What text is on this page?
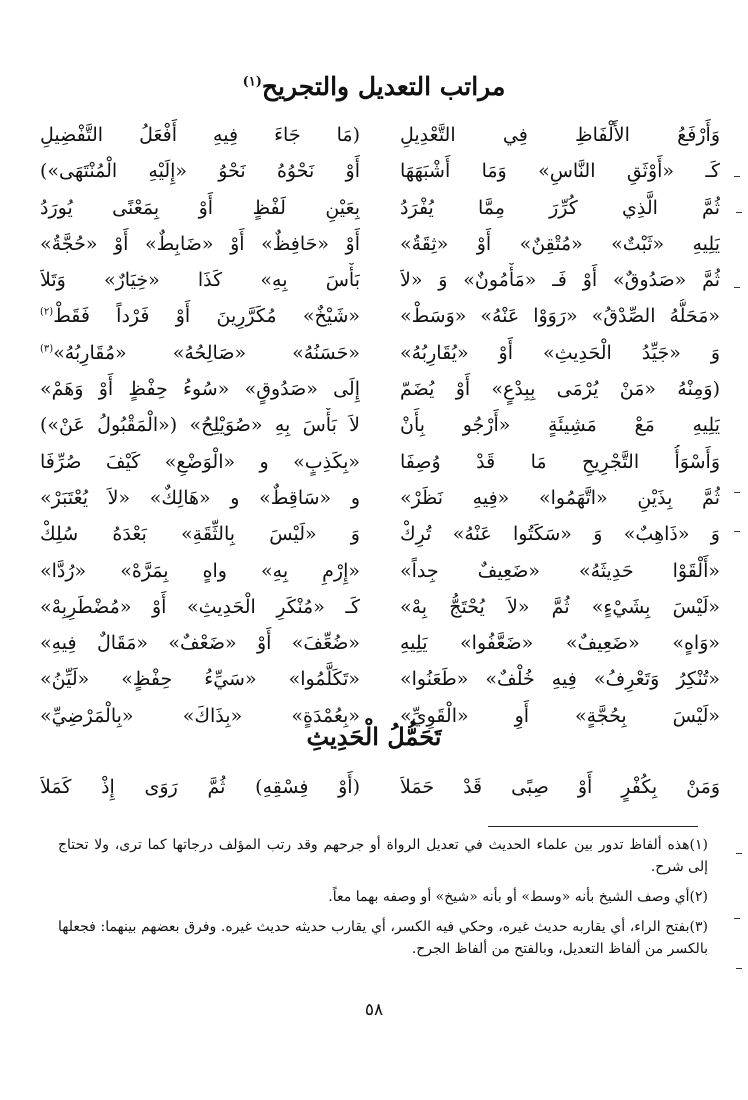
مراتب التعديل والتجريح$^{(١)}$
وَأَرْفَعُ الأَلْفَاظِ فِي التَّعْدِيلِ
(مَا جَاءَ فِيهِ أَفْعَلُ التَّفْضِيلِ
كَـ «أَوْثَقِ النَّاسِ» وَمَا أَشْبَهَهَا
أَوْ نَحْوُهُ نَحْوُ «إِلَيْهِ الْمُنْتَهَى»)
ثُمَّ الَّذِي كُرِّرَ مِمَّا يُفْرَدُ
بِعَيْنِ لَفْظٍ أَوْ بِمَعْنًى يُورَدُ
يَلِيهِ «ثَبْتٌ» «مُتْقِنٌ» أَوْ «ثِقَةُ»
أَوْ «حَافِظٌ» أَوْ «ضَابِطٌ» أَوْ «حُجَّةُ»
ثُمَّ «صَدُوقٌ» أَوْ فَـ «مَأْمُونٌ» وَ «لاَ
بَأْسَ بِهِ» كَذَا «خِيَارٌ» وَتَلاَ
«مَحَلُّهُ الصِّدْقُ» «رَوَوْا عَنْهُ» «وَسَطْ»
«شَيْخٌ» مُكَرَّرِينَ أَوْ فَرْداً فَقَطْ$^{(٢)}$
وَ «جَيِّدُ الْحَدِيثِ» أَوْ «يُقَارِبُهُ»
«حَسَنُهُ» «صَالِحُهُ» «مُقَارِبُهُ»$^{(٣)}$
(وَمِنْهُ «مَنْ يُرْمَى بِبِدْعٍ» أَوْ يُضَمّ
إِلَى «صَدُوقٍ» «سُوءُ حِفْظٍ أَوْ وَهَمْ»
يَلِيهِ مَعْ مَشِيئَةٍ «أَرْجُو بِأَنْ
لاَ بَأْسَ بِهِ «صُوَيْلِحُ» («الْمَقْبُولُ عَنْ»)
وَأَسْوَأُ التَّجْرِيحِ مَا قَدْ وُصِفَا
«بِكَذِبٍ» و «الْوَضْعِ» كَيْفَ صُرِّفَا
ثُمَّ بِذَيْنِ «اتَّهَمُوا» «فِيهِ نَظَرْ»
و «سَاقِطٌ» و «هَالِكٌ» «لاَ يُعْتَبَرْ»
وَ «ذَاهِبٌ» وَ «سَكَتُوا عَنْهُ» تُرِكْ
وَ «لَيْسَ بِالثِّقَةِ» بَعْدَهُ سُلِكْ
«أَلْقَوْا حَدِيثَهُ» «ضَعِيفٌ جِداً»
«إِرْمِ بِهِ» واهٍ بِمَرَّهْ» «رُدَّا»
«لَيْسَ بِشَيْءٍ» ثُمَّ «لاَ يُحْتَجُّ بِهْ»
كَـ «مُنْكَرِ الْحَدِيثِ» أَوْ «مُضْطَرِبِهْ»
«وَاهٍ» «ضَعِيفٌ» «ضَعَّفُوا» يَلِيهِ
«ضُعِّفَ» أَوْ «ضَعْفٌ» «مَقَالٌ فِيهِ»
«تُنْكِرُ وَتَعْرِفُ» فِيهِ خُلْفٌ» «طَعَنُوا»
«تَكَلَّمُوا» «سَيِّءُ حِفْظٍ» «لَيِّنُ»
«لَيْسَ بِحُجَّةٍ» أَوِ «الْقَوِيِّ»
«بِعُمْدَةٍ» «بِذَاكَ» «بِالْمَرْضِيِّ»
تَحَمُّلُ الْحَدِيثِ
وَمَنْ بِكُفْرٍ أَوْ صِبًى قَدْ حَمَلاَ
(أَوْ فِسْقِهِ) ثُمَّ رَوَى إِذْ كَمَلاَ
(١)هذه ألفاظ تدور بين علماء الحديث في تعديل الرواة أو جرحهم وقد رتب المؤلف درجاتها كما ترى، ولا تحتاج إلى شرح.
(٢)أي وصف الشيخ بأنه «وسط» أو بأنه «شيخ» أو وصفه بهما معاً.
(٣)بفتح الراء، أي يقاربه حديث غيره، وحكي فيه الكسر، أي يقارب حديثه حديث غيره. وفرق بعضهم بينهما: فجعلها بالكسر من ألفاظ التعديل، وبالفتح من ألفاظ الجرح.
٥٨
